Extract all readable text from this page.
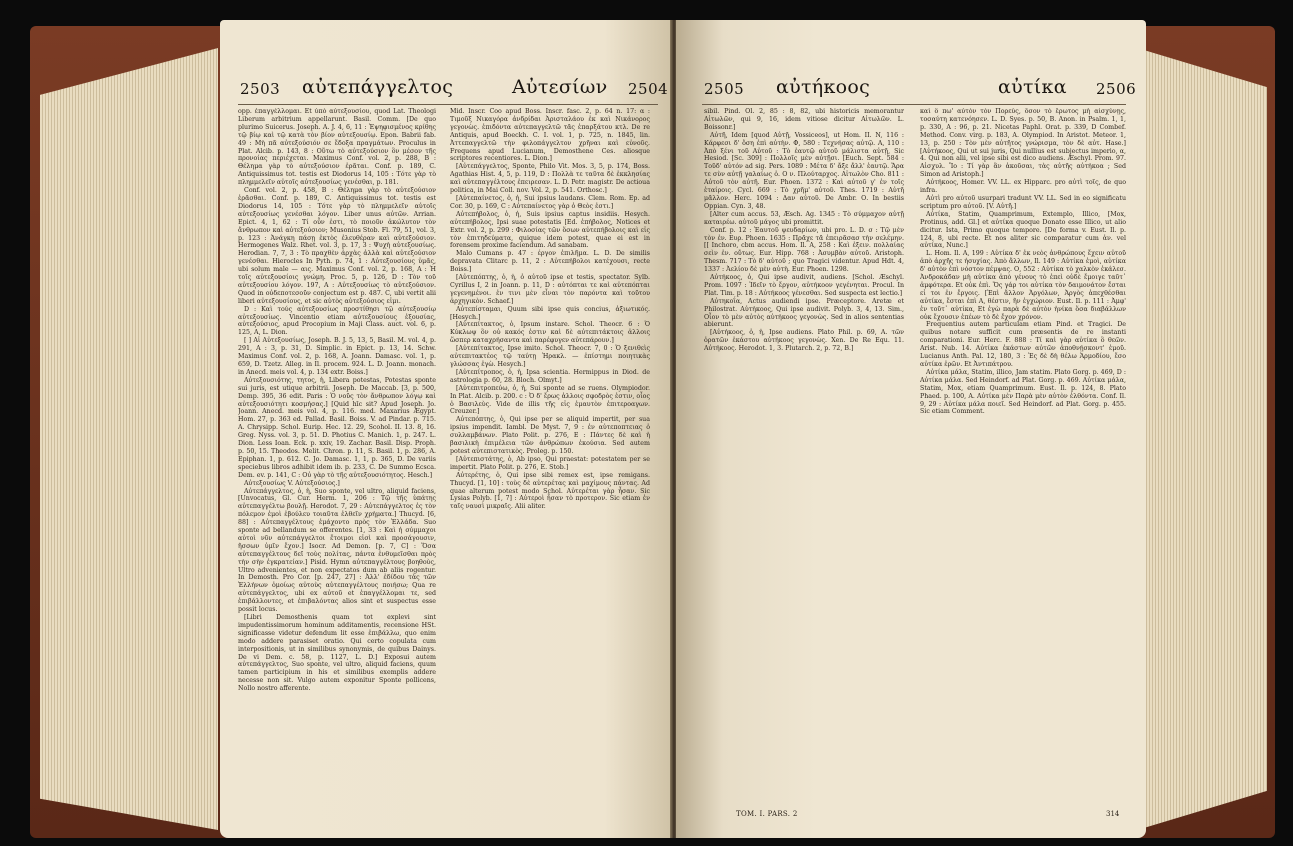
2503 αὐτεπάγγελτος	Αὐτεσίων 2504

opp. ἐπαγγέλλομαι. Et ὑπὸ αὐτεξουσίου, quod Lat. Theologi Liberum arbitrium appellarunt. Basil. Comm. [De quo plurimo Suicerus. Joseph. A. J. 4, 6, 11 : Ἐψηφισμένος κρίθης τῷ βίῳ καὶ τῷ κατὰ τὸν βίον αὐτεξουσίῳ. Epon. Babrii fab. 49 : Μὴ πᾶ αὐτεξούσιόν σε ἔδοξα πραγμάτων. Proculus in Plat. Alcib. p. 143, 8 : Οὕτω τὸ αὐτεξούσιον ὃν μέσον τῆς προνοίας περιέχεται. Maximus Conf. vol. 2, p. 288, B : Θέλημα γὰρ τὸ αὐτεξούσιον ἐρᾶται. Conf. p. 189, C. Antiquissimus tot. testis est Diodorus 14, 105 : Τότε γὰρ τὸ πλημμελεῖν αὐτοῖς αὐτεξουσίως γενέσθαι, p. 181.

Conf. vol. 2, p. 458, B : Θέλημα γὰρ τὸ αὐτεξούσιον ἐρᾶσθαι. Conf. p. 189, C. Antiquissimus tot. testis est Diodorus 14, 105 : Τότε γὰρ τὸ πλημμελεῖν αὐτοῖς αὐτεξουσίως γενέσθαι λόγον. Liber unus αὐτῶν. Arrian. Epict. 4, 1, 62 : Τί οὖν ἐστι, τὸ ποιοῦν ἀκώλυτον τὸν ἄνθρωπον καὶ αὐτεξούσιον; Musonius Stob. Fl. 79, 51, vol. 3, p. 123 : Ἀνάγκη πάσῃ ἐκτὸς ἐλευθέραν καὶ αὐτεξούσιον. Hermogenes Walz. Rhet. vol. 3, p. 17, 3 : Ψυχὴ αὐτεξουσίως. Herodian. 7, 7, 3 : Τὸ πραχθὲν ἀρχὰς ἀλλὰ καὶ αὐτεξούσιον γενέσθαι. Hierocles In Pyth. p. 74, 1 : Αὐτεξουσίους ὑμᾶς, ubi solum male — αις. Maximus Conf. vol. 2, p. 168, A : Ἡ τοῖς αὐτεξουσίοις γνώμη. Proc. 5, p. 126, D : Τὸν τοῦ αὐτεξουσίου λόγον. 197, A : Αὐτεξουσίως τὸ αὐτεξούσιον. Quod in οὐδεποτεσοῦν conjectum est p. 487. C, ubi vertit alii liberi αὐτεξουσίους, et sic αὐτὸς αὐτεξούσιος εἰμι.

D : Καὶ τούς αὐτεξουσίως προστίθησι τῷ αὐτεξουσίῳ αὐτεξουσίως. Vincentio etiam αὐτεξουσίους ἐξουσίας, αὐτεξούσιος, apud Procopium in Maji Class. auct. vol. 6, p. 125, A, L. Dion.

[ ] Αἱ Αὐτεξουσίως, Joseph. B. J. 5, 13, 5, Basil. M. vol. 4, p. 291, A : 3, p. 31, D. Simplic. in Epict. p. 13, 14. Schw. Maximus Conf. vol. 2, p. 168, A. Joann. Damasc. vol. 1, p. 659, D. Tzetz. Alleg. in Il. procem. 924. L. D. Joann. monach. in Anecd. meis vol. 4, p. 134 extr. Boiss.]

Αὐτεξουσιότης, τητος, ἡ, Libera potestas, Potestas sponte sui juris, est utique arbitrii. Joseph. De Maccab. [3, p. 500, Demp. 395, 36 edit. Paris : Ὁ νοῦς τὸν ἄνθρωπον λόγῳ καὶ αὐτεξουσιότητι κοσμήσας.] [Quid hīc sit? Apud Joseph. Jo. Joann. Anecd. meis vol. 4, p. 116. med. Maxarius Ægypt. Hom. 27, p. 363 ed. Pallad. Basil. Boiss. V. ad Pindar. p. 715. A. Chrysipp. Schol. Eurip. Hec. 12. 29, Scohol. II. 13. 8, 16. Greg. Nyss. vol. 3, p. 51. D. Photius C. Manich. 1, p. 247. L. Dion. Less Ioan. Eck. p. xxiv, 19. Zachar. Basil. Disp. Proph. p. 50, 15. Theodos. Melit. Chron. p. 11, S. Basil. 1, p. 286, A. Epiphan. 1, p. 612. C. Jo. Damasc. 1, 1, p. 365, D. De variis speciebus libros adhibit idem ib. p. 233, C. De Summo Ecsca. Dem. ev. p. 141, C : Οὐ γὰρ τὸ τῆς αὐτεξουσιότητος. Hesch.]

Αὐτεξουσίως V. Αὐτεξούσιος.]

Αὐτεπάγγελτος, ὁ, ἡ, Suo sponte, vel ultro, aliquid faciens, [Unvocatus, Gl. Cur. Herm. 1, 206 : Τῷ τῆς ὑπάτης αὐτεπαγγέλτω βουλῇ. Herodot. 7, 29 : Αὐτεπάγγελτος ἐς τὸν πόλεμον ἐμοὶ ἐβούλευ τοιαῦτα ἐλθεῖν χρήματα.] Thucyd. [6, 88] : Αὐτεπαγγέλτους ἐμάχοντο πρὸς τὸν Ἑλλάδα. Suo sponte ad bellandum se offerentes. [1, 33 : Καὶ ἡ σύμμαχοι αὐτοὶ νῦν αὐτεπάγγελτοι ἕτοιμοι εἰσὶ καὶ προσάγουσιν, ἥσσων ὑμῖν ἔχον.] Isocr. Ad Demon. [p. 7, C] : Ὅσα αὐτεπαγγέλτους δεῖ τοὺς πολίτας, πάντα ἐνθυμεῖσθαι πρὸς τὴν σὴν ἐγκρατείαν.] Pisid. Hymn αὐτεπαγγέλτους βοηθοὺς, Ultro advenientes, et non expectatos dum ab aliis rogentur. In Demosth. Pro Cor. [p. 247, 27] : Ἀλλ' ἐδίδου τὰς τῶν Ἑλλήνων ὁμοίως αὐτοὺς αὐτεπαγγέλτους ποιήσω; Qua re αὐτεπάγγελτος, ubi ex αὐτοῦ et ἐπαγγέλλομαι τε, sed ἐπιβάλλοντες, et ἐπιβαλόντας alios sint et suspectus esse possit locus.

[Libri Demosthenis quam tot explevi sint impudentissimorum hominum additamentis, recensione HSt. significasse videtur defendum lit esse ἐπιβάλλω, quo enim modo addere parasiset oratio. Qui certo copulata cum interpositionis, ut in similibus synonymis, de quibus Dainys. De vi Dem. c. 58, p. 1127, L. D.] Exposui autem αὐτεπάγγελτος, Suo sponte, vel ultro, aliquid faciens, quum tamen participium in his et similibus exemplis addere necesse non sit. Vulgo autem exponitur Sponte pollicens, Nollo nostro afferente.

Mid. Inscr. Coo apud Boss. Inscr. fasc. 2, p. 64 n. 17: α : Τιμοῦξ Νικαγόρα ἀνδρίδαι Ἀρισταλάου ἐκ καὶ Νικάνορος γεγονὼς. ἐπιδόντα αὐτεπαγγελτῶ τᾶς ἐπαρξάτου κτλ. De re Antiquis, apud Boeckh. C. I. vol. 1, p. 725, n. 1845, lin. Ἀττεπαγγελτῶ τὴν φιλοπάγγελτον χρῆναι καὶ εὐνοῦς. Frequens apud Lucianum, Demosthene Ces. aliosque scriptores recentiores. L. Dion.]

[Αὐτεπάγγελτος, Sponte, Philo Vit. Mos. 3, 5, p. 174, Boss. Agathias Hist. 4, 5, p. 119, D : Πολλὰ τε ταῦτα δὲ ἐκκλησίας καὶ αὐτεπαγγέλτους ἐπειρεσαν. L. D. Petr. magistr. De actioua politica, in Mai Coll. nov. Vol. 2, p. 541. Orthosc.]

[Αὐτεπαίνετος, ὁ, ἡ, Sui ipsius laudans. Clem. Rom. Ep. ad Cor. 30, p. 169, C : Αὐτεπαίνετος γὰρ ὁ Θεὸς ἐστι.]

Αὐτεπήβολος, ὁ, ἡ, Suis ipsius captus insidiis. Hesych. αὐτεπήβολος, Ipsi suae potestatis [Ed. ἐπήβολος, Notices et Extr. vol. 2, p. 299 : Φιλοσίας τῶν ὅσων αὐτεπήβολοις καὶ εἰς τὸν ἐπιτηδεύματα, quique idem potest, quae ei est in forensem proxime faciendum. Ad sanabam.

Malo Cumans p. 47 : έργον ἐπιλῆμα. L. D. De similis depravata Clitarc p. 11, 2 : Αὐτεπήβολοι κατέχουσι, recte Boiss.]

[Αὐτεπόπτης, ὁ, ἡ, ὁ αὐτοῦ ipse et testis, spectator. Sylb. Cyrillus I, 2 in Joann. p. 11, D : αὐτόπται τε καὶ αὐτεπόπται γεγενημένοι. ἐν τινι μὲν εἶναι τὸν παρόντα καὶ τοῦτου ἀρχηγικὸν. Schaef.]

Αὐτεπίσταμαι, Quum sibi ipse quis concius, ἀξιωτικός. [Hesych.]

[Αὐτεπίτακτος, ὁ, Ipsum instare. Schol. Theocr. 6 : Ὁ Κύκλωψ ὃν οὐ κακός ἐστιν καὶ δὲ αὐτεπιτάκτοις ἀλλοις ὥσπερ καταχρήσαντα καὶ παρέφυγεν αὐτεπάρουν.]

[Αὐτεπίτακτος, Ipse imito. Schol. Theocr. 7, 0 : Ὁ ξενιθεὶς αὐτεπιτακτέος τῷ ταύτῃ Ἡρακλ. — ἐπίστημι ποιητικὰς γλώσσας ἐγὼ. Hesych.]

[Αὐτεπίτροπος, ὁ, ἡ, Ipsa scientia. Hermippus in Diod. de astrologia p. 60, 28. Bloch. Olmyt.]

[Αὐτεπιτροπεύω, ὁ, ἡ, Sui sponte ad se ruens. Olympiodor. In Plat. Alcib. p. 200. c : Ὁ δ' ἔρως ἀλλοις σφοδρὸς ἐστιν, οἷος ὁ Βασιλεὺς. Vide de illis τῆς εἰς ἐμαυτὸν ἐπιτεροαγων. Creuzer.]

Αὐτεπόπτης, ὁ, Qui ipse per se aliquid impertit, per sua ipsius impendit. Iambl. De Myst. 7, 9 : ἐν αὐτεποπτειας ὁ συλλαμβάνων. Plato Polit. p. 276, E : Πάντες δὲ καὶ ἡ βασιλικὴ ἐπιμέλεια τῶν ἀνθρώπων ἑκούσια. Sed autem potest αὐτεπιστατικὸς. Proleg. p. 150.

[Αὐτεπιστάτης, ὁ, Ab ipso, Qui praestat: potestatem per se impertit. Plato Polit. p. 276, E. Stob.]

Αὐτερέτης, ὁ, Qui ipse sibi remex est, ipse remigans. Thucyd. [1, 10] : τοὺς δὲ αὐτερέτας καὶ μαχίμους πάντας. Ad quae alterum potest modo Schol. Αὐτερέται γὰρ ἦσαν. Sic Lysias Polyb. [1, 7] : Αὐτεροὶ ἦσαν τὸ προτερον. Sic etiam ἐν ταῖς ναυσὶ μικραῖς. Alii aliter.

2505 αὐτήκοος	αὐτίκα 2506

sibil. Pind. Ol. 2, 85 : 8, 82, ubi historicis memorantur Αἰτωλῶν, qui 9, 16, idem vitiose dicitur Αἰτωλῶν. L. Boissonr.]

Αὐτῆ, Idem [quod Αὐτῇ, Vossiceos], ut Hom. II. N, 116 : Κάρφεσι δ' ὅση ἐπὶ αὐτὴν. Φ, 580 : Τεχνήσας αὐτῷ. Α, 110 : Ἀπὸ ξένι τοῦ Αὐτοῦ : Τὸ ἑαυτῷ αὐτοῦ μάλιστα αὐτῇ, Sic Hesiod. [Sc. 309] : Πολλοῖς μὲν αὐτῇσι. [Euch. Sept. 584 : Τοῦδ' αὐτόν ad sig. Pers. 1089 : Μέτα δ' ἄξε ἄλλ' ἑαυτῷ. Ἄρα τε σὺν αὐτῇ γαλαίως ὁ. Ο ν. Πλούταρχος. Αἰτωλὸν Cho. 811 : Αὐτοῦ τὸν αὐτῆ. Eur. Phoen. 1372 : Καὶ αὐτοῦ γ' ἐν τοῖς ἑταίροις. Cycl. 669 : Τὸ χρῆμ' αὐτοῦ. Thes. 1719 : Αὐτῆ μᾶλλον. Herc. 1094 : Δαν αὐτοῦ. De Ambr. Ο. In bestiis Oppian. Cyn. 3, 48.

[Alter cum accus. 53, Æsch. Ag. 1345 : Τὸ σύμμαχον αὐτῇ καταιρέω. αὐτοῦ μάγος ubi promittit.

Conf. p. 12 : Ἑαυτοῦ ψευδαρίων, ubi pro. L. D. σ : Τῷ μὲν τὸν ἐν. Ευρ. Phoen. 1635 : Πρᾶχε τᾶ ἐπειρᾶσασ τὴν σελέμην. [[ Inchoro, cbm accus. Hom. Il. Α, 258 : Καὶ ἐξειν. πολλαίας σεὶν ἐν. οὔτως. Eur. Hipp. 768 : Ἀσυμβὰν αὐτοῦ. Aristoph. Thesm. 717 : Τὸ δ' αὐτοῦ ; quo Tragici videntur. Apud Hdt. 4, 1337 : Ἀελίου δὲ μὲν αὐτὴ. Eur. Phoen. 1298.

Αὐτήκοος, ὁ, Qui ipse audivit, audiens. [Schol. Æschyl. Prom. 1097 : Ἰδεῖν τὸ ἔργον, αὐτήκοον γεγένηται. Procul. In Plat. Tim. p. 18 : Αὐτήκοος γένεσθαι. Sed suspecta est lectio.]

Αὐτηκοΐα, Actus audiendi ipse. Præceptore. Aretæ et Philostrat. Αὐτήκοος, Qui ipse audivit. Polyb. 3, 4, 13. Sim., Οἷον τὸ μὲν αὐτὸς αὐτήκοος γεγονὼς. Sed in alios sententias abierunt.

[Αὐτήκοος, ὁ, ἡ, Ipse audiens. Plato Phil. p. 69, A. τῶν ὁρατῶν ἑκάστου αὐτήκοος γεγονὼς. Xen. De Re Equ. 11. Αὐτήκοος. Herodot. 1, 3. Plutarch. 2, p. 72, B.]

καὶ ὃ πω' αὐτὸν τὸν Πορεὺς, ὅσον τὸ ἔρωτος μὴ αἰσχύνῃς, τοσαύτη κατενόησεν. L. D. Syes. p. 50, B. Anon. in Psalm. 1, 1, p. 330, A : 96, p. 21. Nicetas Paphl. Orat. p. 339, D Combef. Method. Conv. virg. p. 183, A. Olympiod. In Aristot. Meteor. 1, 13, p. 250 : Τὸν μὲν αὐτῆτος γνώρισμα, τὸν δὲ αὐτ. Hase.] [Αὐτήκοος, Qui ut sui juris, Qui nullius est subjectus imperio, α, 4. Qui non alii, vel ipse sibi est dico audiens. Æschyl. Prom. 97. Αἰσχυλ. Ἴο : Τί γὰρ ἂν ἀκοῦσαι, τὰς αὐτῆς αὐτήκοα ; Sed Simon ad Aristoph.]

Αὐτήκοος, Homer. VV. LL. ex Hipparc. pro αὐτὶ τοῖς, de quo infra.

Αὐτὶ pro αὐτοῦ usurpari tradunt VV. LL. Sed in eo significatu scriptum pro αὐτοῦ. [V. Αὐτῆ.]

Αὐτίκα, Statim, Quamprimum, Extemplo, Illico, [Mox, Protinus, add. Gl.] et αὐτίκα quoque Donato esse Illico, ut alio dicitur. Ista, Primo quoque tempore. [De forma v. Eust. Il. p. 124, 8, ubi recte. Et nos aliter sic comparatur cum ἀν. vel αὐτίκα, Nunc.]

L. Hom. Il. A, 199 : Αὐτίκα δ' ἐκ νεὸς ἀνθρώπους ἔχειν αὐτοῦ ἀπὸ ἀρχῆς τε ἡσυχίας. Ἀπὸ ἄλλων, Il. 149 : Αὐτίκα ἐμοὶ, αὐτίκα δ' αὐτὸν ἐπὶ νόστον πέμψας. Ο, 552 : Αὐτίκα τὸ χαλκὸν ἐκάλεσ. Ἀνδροκάδαν μὴ αὐτίκα ἀπὸ γένους τὸ ἐπεὶ οὐδὲ ἔμοιγε ταῦτ᾽ ἀμφότερα. Et οὐκ ἐπὶ. Ὅς γάρ τοι αὐτίκα τὸν δαιμονάτον ἔσται εἰ τοι ἐν ἔργοις. [Ἐπὶ ἄλλον Ἀργόλων, Ἀργὸς ἀπεχθέσθαι αὐτίκα, ἔσται ἐπὶ Α, θέστιν, ἢν ἐγχώριον. Eust. Il. p. 111 : Ἀμφ' ἐν τοῦτ᾽ αὐτίκα, Et ἐγὼ παρὰ δὲ αὐτὸν ἡνίκα ὅσα διαβάλλων οὐκ ἔχουσιν ἐπέων τὸ δὲ ἔχον χρόνον.

Frequentius autem particulam etiam Pind. et Tragici. De quibus notare sufficit cum præsentis de re instanti comparationi. Eur. Herc. F. 888 : Τί καὶ γὰρ αὐτίκα ὃ θεῶν. Arist. Nub. 14. Αὐτίκα ἐκάστων αὐτῶν ἀποθνῄσκοντ' ἐμοῦ. Lucianus Anth. Pal. 12, 180, 3 : Ἐς δὲ δὴ θέλω Ἁρμοδίου, ἔσο αὐτίκα ἐρῶν. Et Ἀντιπάτρου.

Αὐτίκα μάλα, Statim, illico, Jam statim. Plato Gorg. p. 469, D : Αὐτίκα μάλα. Sed Heindorf. ad Plat. Gorg. p. 469. Αὐτίκα μάλα, Statim, Mox, etiam Quamprimum. Eust. Il. p. 124, 8. Plato Phaed. p. 100, A. Αὐτίκα μὲν Παρὰ μὲν αὐτὸν ἐλθόντα. Conf. Il. 9, 29 : Αὐτίκα μάλα ποιεῖ. Sed Heindorf. ad Plat. Gorg. p. 455. Sic etiam Comment.

TOM. I. PARS. 2	314
